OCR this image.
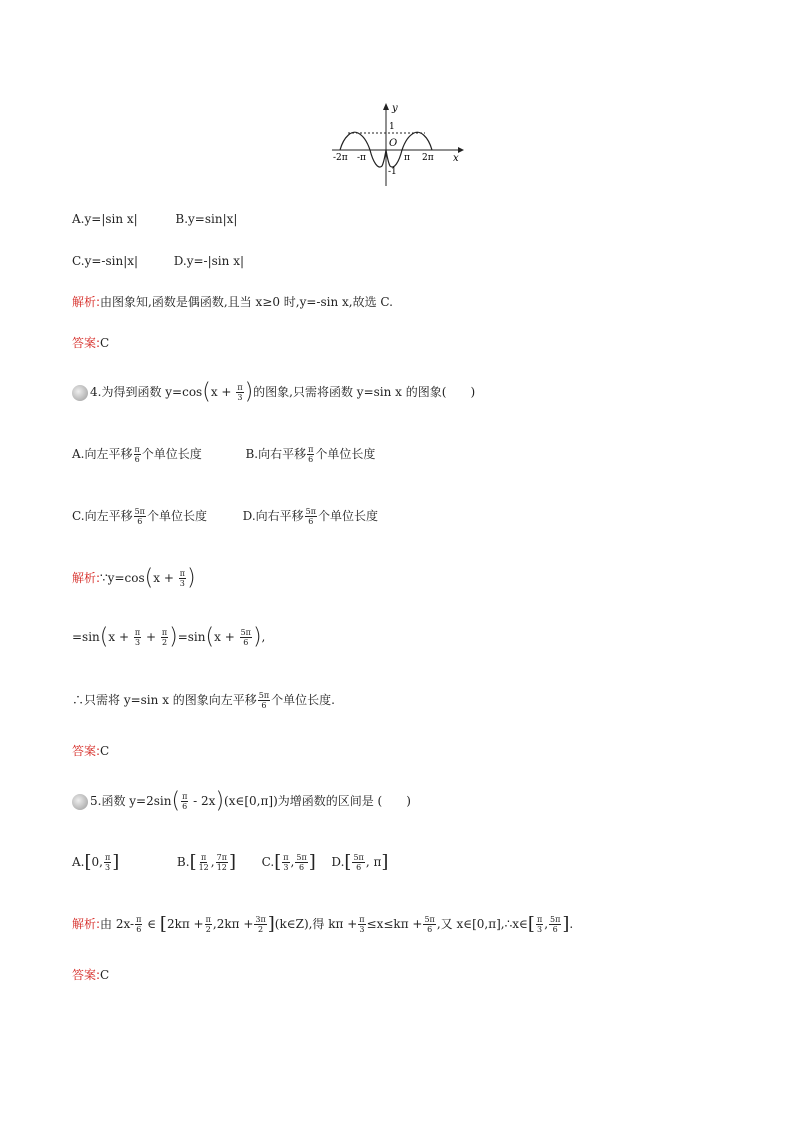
y
x
O
1
-1
-2π -π	π 2π
A.y=|sin x|	B.y=sin|x|
C.y=-sin|x|	D.y=-|sin x|
解析:由图象知,函数是偶函数,且当 x≥0 时,y=-sin x,故选 C.
答案:C
4.为得到函数 $y=\cos(x + \frac{\pi}{3}$ )的图象,只需将函数 y=sin x 的图象(　　)
A.向左平移 $\frac{\pi}{6}$ 个单位长度	B.向右平移 $\frac{\pi}{6}$ 个单位长度
C.向左平移 $\frac{5\pi}{6}$ 个单位长度	D.向右平移 $\frac{5\pi}{6}$ 个单位长度
解析:∵y=cos(x + $\frac{\pi}{3}$ )
$=\sin(x + \frac{\pi}{3} + \frac{\pi}{2} )=\sin(x + \frac{5\pi}{6}$ ),
∴只需将 y=sin x 的图象向左平移 $\frac{5\pi}{6}$ 个单位长度.
答案:C
5.函数 $y=2\sin( \frac{\pi}{6}$ - 2x)(x∈[0,π])为增函数的区间是 (　　)
A.[0, $\frac{\pi}{3}$ ]	$B.[ \frac{\pi}{12}$ , $\frac{7\pi}{12}$ ] $C.[ \frac{\pi}{3}$ , $\frac{5\pi}{6}$ ] $D.[ \frac{5\pi}{6}$ , π]
解析:由 $2x- \frac{\pi}{6}$ ∈ [$2k\pi + \frac{\pi}{2} ,2k\pi + \frac{3\pi}{2}$ ](k∈Z),得 $k\pi + \frac{\pi}{3} \le x\le k\pi + \frac{5\pi}{6}$ ,又 x∈[0,π],∴x∈[ $\frac{\pi}{3}$ , $\frac{5\pi}{6}$ ].
答案:C
